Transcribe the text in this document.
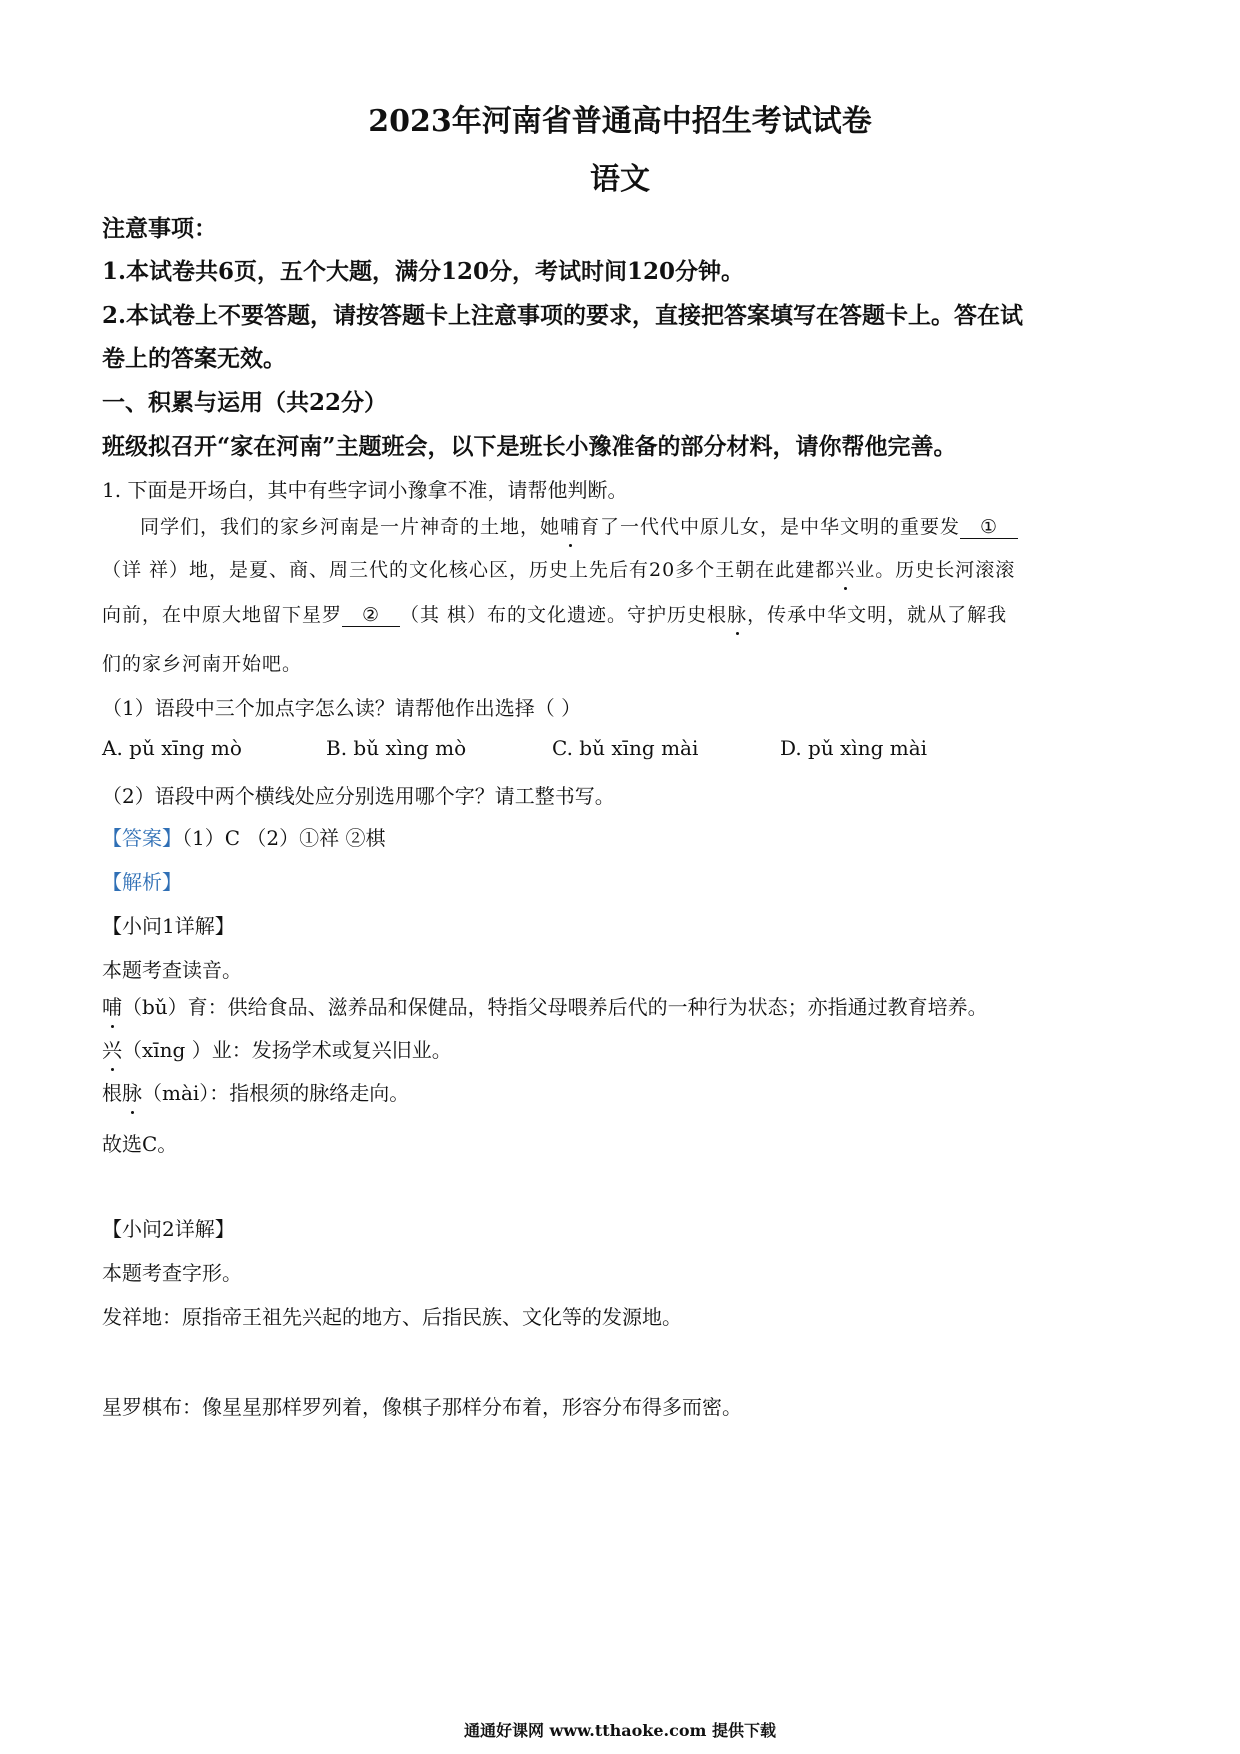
2023年河南省普通高中招生考试试卷
语文
注意事项：
1.本试卷共6页，五个大题，满分120分，考试时间120分钟。
2.本试卷上不要答题，请按答题卡上注意事项的要求，直接把答案填写在答题卡上。答在试
卷上的答案无效。
一、积累与运用（共22分）
班级拟召开“家在河南”主题班会，以下是班长小豫准备的部分材料，请你帮他完善。
1. 下面是开场白，其中有些字词小豫拿不准，请帮他判断。
同学们，我们的家乡河南是一片神奇的土地，她哺育了一代代中原儿女，是中华文明的重要发 ①
（详 祥）地，是夏、商、周三代的文化核心区，历史上先后有20多个王朝在此建都兴业。历史长河滚滚
向前，在中原大地留下星罗 ② （其 棋）布的文化遗迹。守护历史根脉，传承中华文明，就从了解我
们的家乡河南开始吧。
（1）语段中三个加点字怎么读？请帮他作出选择（ ）
A. pǔ xīng mò	B. bǔ xìng mò	C. bǔ xīng mài	D. pǔ xìng mài
（2）语段中两个横线处应分别选用哪个字？请工整书写。
【答案】（1）C （2）①祥 ②棋
【解析】
【小问1详解】
本题考查读音。
哺（bǔ）育：供给食品、滋养品和保健品，特指父母喂养后代的一种行为状态；亦指通过教育培养。
兴（xīng ）业：发扬学术或复兴旧业。
根脉（mài）：指根须的脉络走向。
故选C。
【小问2详解】
本题考查字形。
发祥地：原指帝王祖先兴起的地方、后指民族、文化等的发源地。
星罗棋布：像星星那样罗列着，像棋子那样分布着，形容分布得多而密。
通通好课网 www.tthaoke.com 提供下载
